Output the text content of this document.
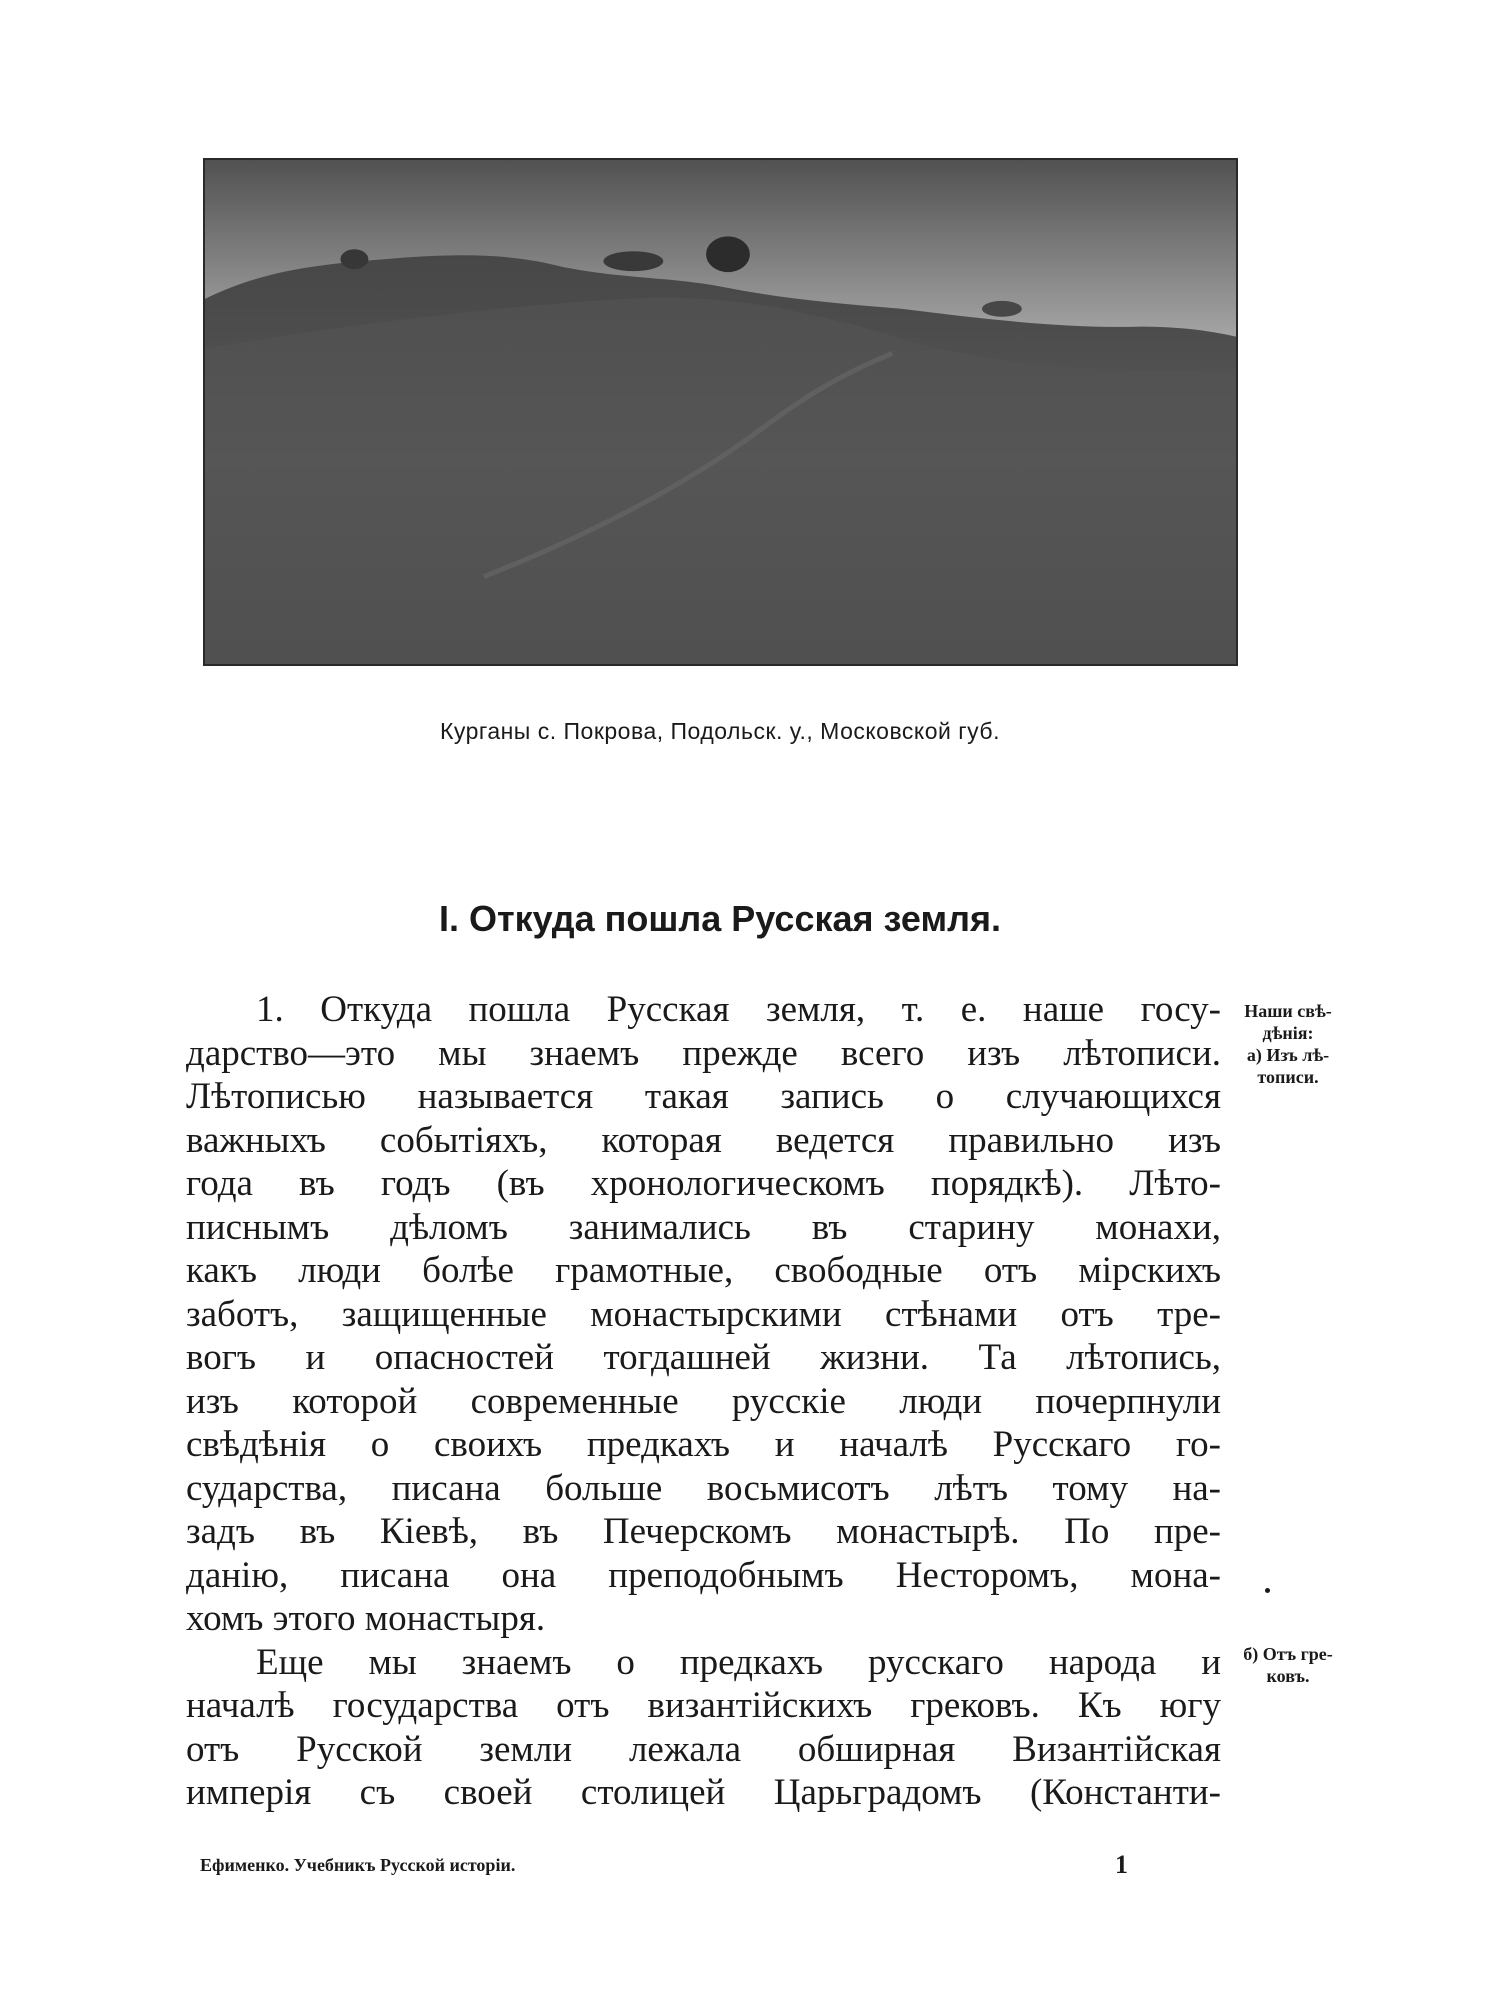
Курганы с. Покрова, Подольск. у., Московской губ.
I. Откуда пошла Русская земля.
1. Откуда пошла Русская земля, т. е. наше госу-
дарство—это мы знаемъ прежде всего изъ лѣтописи.
Лѣтописью называется такая запись о случающихся
важныхъ событіяхъ, которая ведется правильно изъ
года въ годъ (въ хронологическомъ порядкѣ). Лѣто-
писнымъ дѣломъ занимались въ старину монахи,
какъ люди болѣе грамотные, свободные отъ мірскихъ
заботъ, защищенные монастырскими стѣнами отъ тре-
вогъ и опасностей тогдашней жизни. Та лѣтопись,
изъ которой современные русскіе люди почерпнули
свѣдѣнія о своихъ предкахъ и началѣ Русскаго го-
сударства, писана больше восьмисотъ лѣтъ тому на-
задъ въ Кіевѣ, въ Печерскомъ монастырѣ. По пре-
данію, писана она преподобнымъ Несторомъ, мона-
хомъ этого монастыря.
Еще мы знаемъ о предкахъ русскаго народа и
началѣ государства отъ византійскихъ грековъ. Къ югу
отъ Русской земли лежала обширная Византійская
имперія съ своей столицей Царьградомъ (Константи-
Наши свѣ-
дѣнія:
а) Изъ лѣ-
тописи.
б) Отъ гре-
ковъ.
Ефименко. Учебникъ Русской исторіи.	1
